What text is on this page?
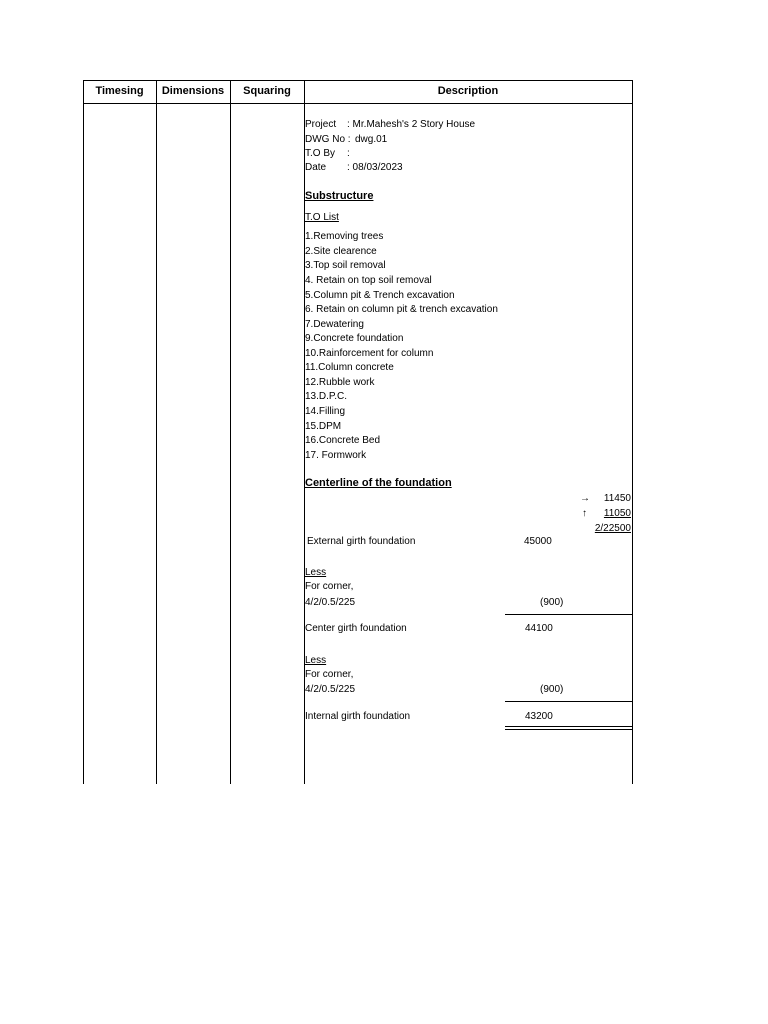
Timesing	Dimensions	Squaring	Description
Project : Mr.Mahesh's 2 Story House
DWG No : dwg.01
T.O By :
Date : 08/03/2023
Substructure
T.O List
1.Removing trees
2.Site clearence
3.Top soil removal
4. Retain on top soil removal
5.Column pit & Trench excavation
6. Retain on column pit & trench excavation
7.Dewatering
9.Concrete foundation
10.Rainforcement for column
11.Column concrete
12.Rubble work
13.D.P.C.
14.Filling
15.DPM
16.Concrete Bed
17. Formwork
Centerline of the foundation
→	11450
↑	11050
2/22500
External girth foundation	45000
Less
For corner,
4/2/0.5/225	(900)
Center girth foundation	44100
Less
For corner,
4/2/0.5/225	(900)
Internal girth foundation	43200
